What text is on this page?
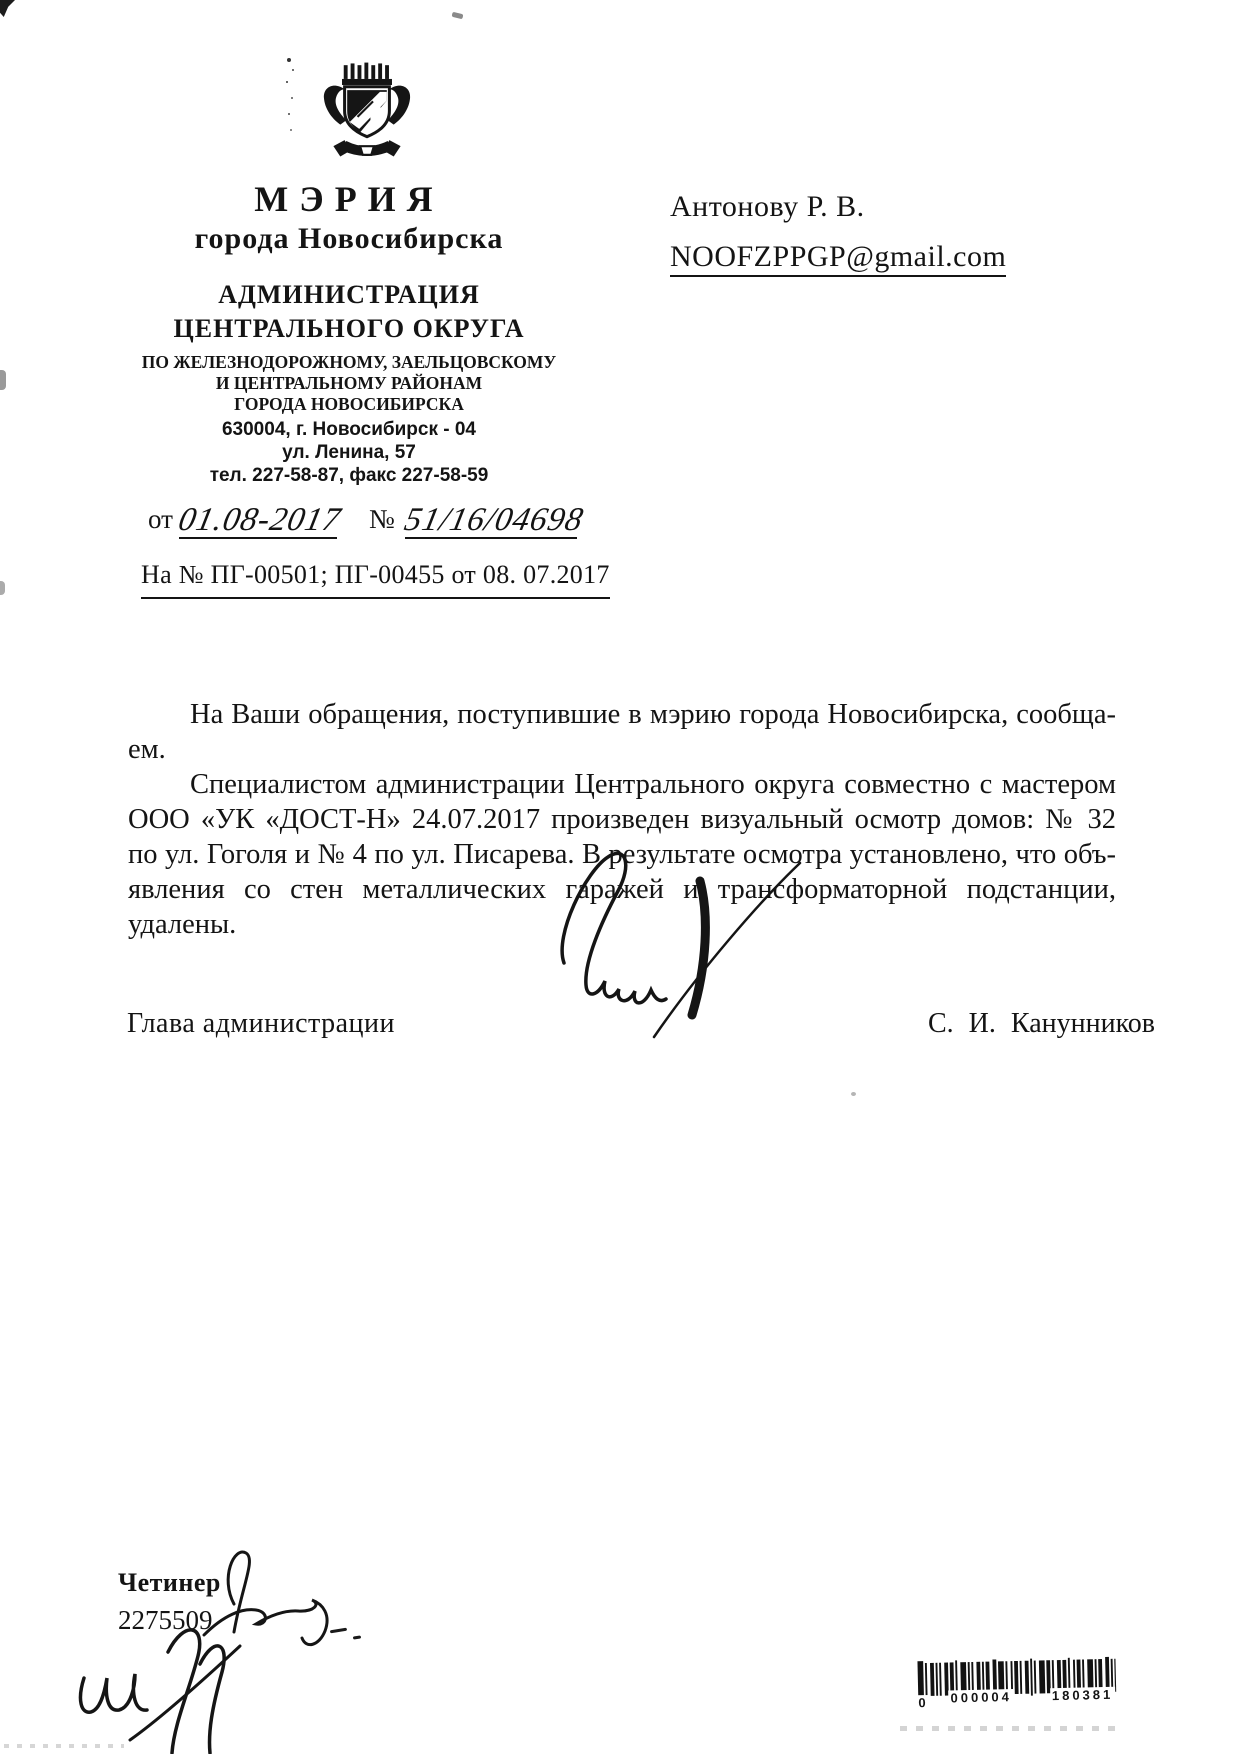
МЭРИЯ
города Новосибирска
АДМИНИСТРАЦИЯ
ЦЕНТРАЛЬНОГО ОКРУГА
ПО ЖЕЛЕЗНОДОРОЖНОМУ, ЗАЕЛЬЦОВСКОМУ
И ЦЕНТРАЛЬНОМУ РАЙОНАМ
ГОРОДА НОВОСИБИРСКА
630004, г. Новосибирск - 04
ул. Ленина, 57
тел. 227-58-87, факс 227-58-59
Антонову Р. В.
NOOFZPPGP@gmail.com
от01.08-2017 № 51/16/04698
На № ПГ-00501; ПГ-00455 от 08. 07.2017
На Ваши обращения, поступившие в мэрию города Новосибирска, сообща-
ем.
Специалистом администрации Центрального округа совместно с мастером
ООО «УК «ДОСТ-Н» 24.07.2017 произведен визуальный осмотр домов: № 32
по ул. Гоголя и № 4 по ул. Писарева. В результате осмотра установлено, что объ-
явления со стен металлических гаражей и трансформаторной подстанции,
удалены.
Глава администрации	С. И. Канунников
Четинер
2275509
0 000004	180381
